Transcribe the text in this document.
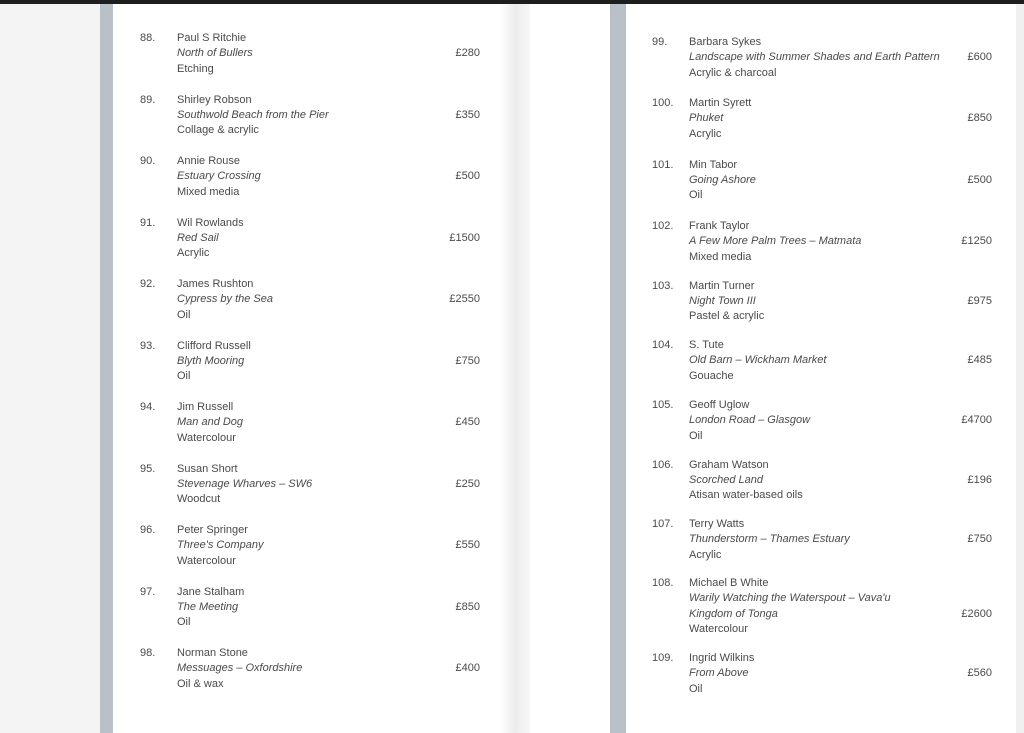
88. Paul S Ritchie
North of Bullers
Etching
£280
89. Shirley Robson
Southwold Beach from the Pier
Collage & acrylic
£350
90. Annie Rouse
Estuary Crossing
Mixed media
£500
91. Wil Rowlands
Red Sail
Acrylic
£1500
92. James Rushton
Cypress by the Sea
Oil
£2550
93. Clifford Russell
Blyth Mooring
Oil
£750
94. Jim Russell
Man and Dog
Watercolour
£450
95. Susan Short
Stevenage Wharves – SW6
Woodcut
£250
96. Peter Springer
Three's Company
Watercolour
£550
97. Jane Stalham
The Meeting
Oil
£850
98. Norman Stone
Messuages – Oxfordshire
Oil & wax
£400
99. Barbara Sykes
Landscape with Summer Shades and Earth Pattern
Acrylic & charcoal
£600
100. Martin Syrett
Phuket
Acrylic
£850
101. Min Tabor
Going Ashore
Oil
£500
102. Frank Taylor
A Few More Palm Trees – Matmata
Mixed media
£1250
103. Martin Turner
Night Town III
Pastel & acrylic
£975
104. S. Tute
Old Barn – Wickham Market
Gouache
£485
105. Geoff Uglow
London Road – Glasgow
Oil
£4700
106. Graham Watson
Scorched Land
Atisan water-based oils
£196
107. Terry Watts
Thunderstorm – Thames Estuary
Acrylic
£750
108. Michael B White
Warily Watching the Waterspout – Vava'u
Kingdom of Tonga
Watercolour
£2600
109. Ingrid Wilkins
From Above
Oil
£560
